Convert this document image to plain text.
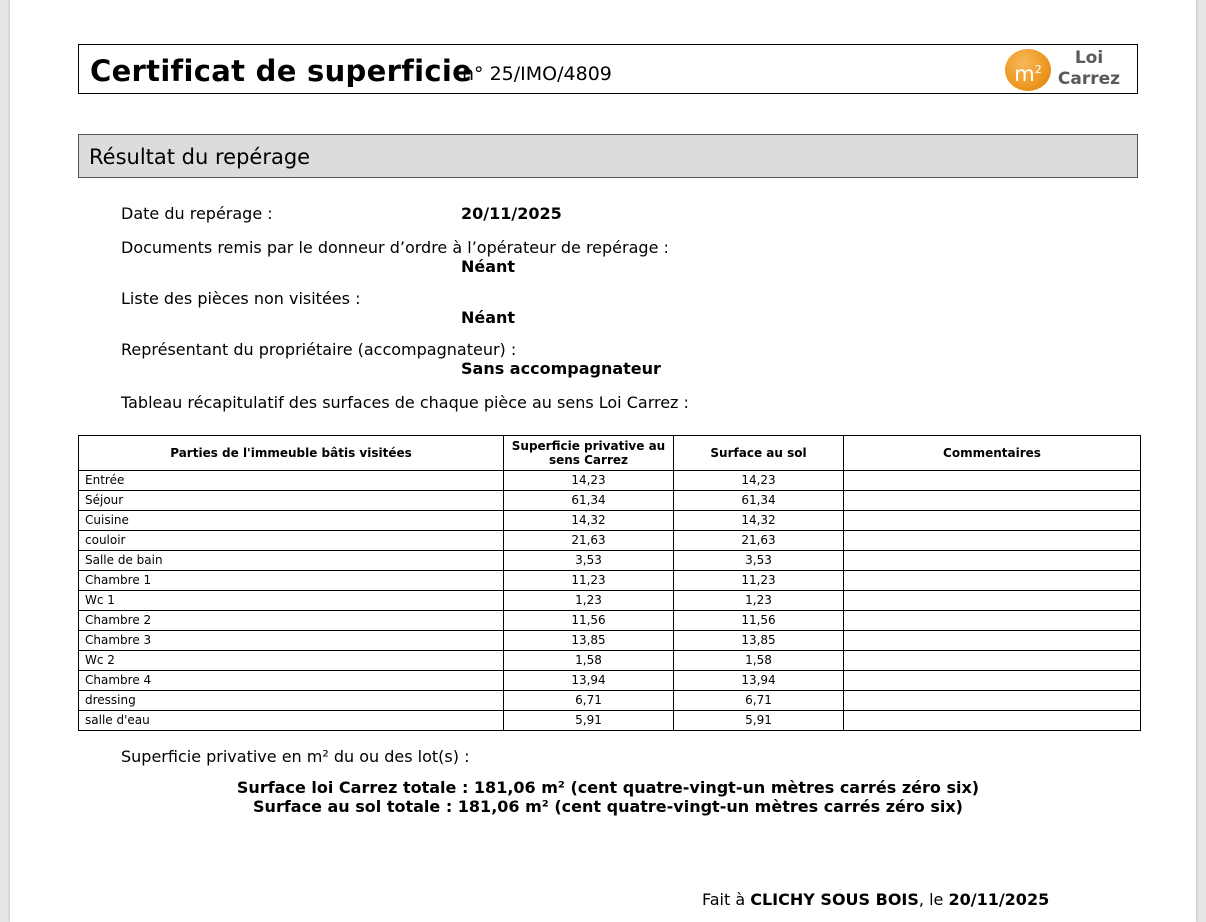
Certificat de superficie
n° 25/IMO/4809	$m^2$
Loi
Carrez
Résultat du repérage
Date du repérage :	20/11/2025
Documents remis par le donneur d’ordre à l’opérateur de repérage :
Néant
Liste des pièces non visitées :
Néant
Représentant du propriétaire (accompagnateur) :
Sans accompagnateur
Tableau récapitulatif des surfaces de chaque pièce au sens Loi Carrez :
Parties de l'immeuble bâtis visitées	Superficie privative au sens Carrez	Surface au sol	Commentaires
Entrée	14,23	14,23	
Séjour	61,34	61,34	
Cuisine	14,32	14,32	
couloir	21,63	21,63	
Salle de bain	3,53	3,53	
Chambre 1	11,23	11,23	
Wc 1	1,23	1,23	
Chambre 2	11,56	11,56	
Chambre 3	13,85	13,85	
Wc 2	1,58	1,58	
Chambre 4	13,94	13,94	
dressing	6,71	6,71	
salle d'eau	5,91	5,91	
Superficie privative en m² du ou des lot(s) :
Surface loi Carrez totale : 181,06 m² (cent quatre-vingt-un mètres carrés zéro six)
Surface au sol totale : 181,06 m² (cent quatre-vingt-un mètres carrés zéro six)
Fait à CLICHY SOUS BOIS, le 20/11/2025
